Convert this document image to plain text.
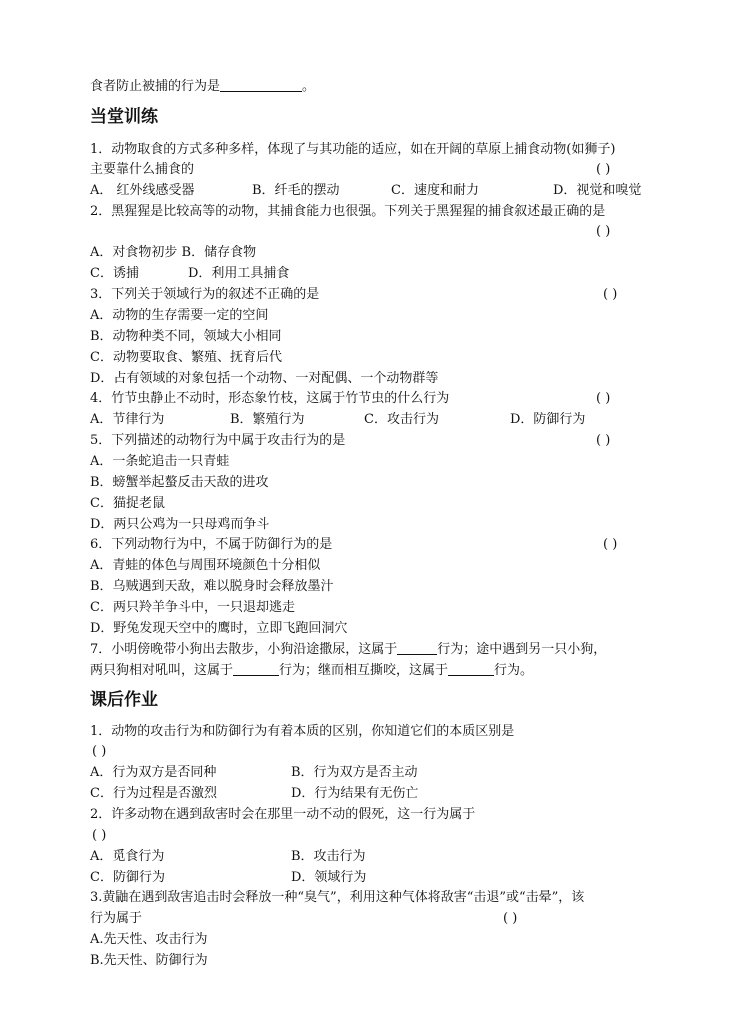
食者防止被捕的行为是	。
当堂训练
1．动物取食的方式多种多样，体现了与其功能的适应，如在开阔的草原上捕食动物(如狮子)
主要靠什么捕食的	( )
A． 红外线感受器	B．纤毛的摆动	C．速度和耐力	D．视觉和嗅觉
2．黑猩猩是比较高等的动物，其捕食能力也很强。下列关于黑猩猩的捕食叙述最正确的是
( )
A．对食物初步 B．储存食物
C．诱捕	D．利用工具捕食
3．下列关于领域行为的叙述不正确的是	( )
A．动物的生存需要一定的空间
B．动物种类不同，领域大小相同
C．动物要取食、繁殖、抚育后代
D．占有领域的对象包括一个动物、一对配偶、一个动物群等
4．竹节虫静止不动时，形态象竹枝，这属于竹节虫的什么行为	( )
A．节律行为	B．繁殖行为	C．攻击行为	D．防御行为
5．下列描述的动物行为中属于攻击行为的是	( )
A．一条蛇追击一只青蛙
B．螃蟹举起螯反击天敌的进攻
C．猫捉老鼠
D．两只公鸡为一只母鸡而争斗
6．下列动物行为中，不属于防御行为的是	( )
A．青蛙的体色与周围环境颜色十分相似
B．乌贼遇到天敌，难以脱身时会释放墨汁
C．两只羚羊争斗中，一只退却逃走
D．野兔发现天空中的鹰时，立即飞跑回洞穴
7．小明傍晚带小狗出去散步，小狗沿途撒尿，这属于	行为；途中遇到另一只小狗，
两只狗相对吼叫，这属于	行为；继而相互撕咬，这属于	行为。
课后作业
1．动物的攻击行为和防御行为有着本质的区别，你知道它们的本质区别是
( )
A．行为双方是否同种	B．行为双方是否主动
C．行为过程是否激烈	D．行为结果有无伤亡
2．许多动物在遇到敌害时会在那里一动不动的假死，这一行为属于
( )
A．觅食行为	B．攻击行为
C．防御行为	D．领域行为
3.黄鼬在遇到敌害追击时会释放一种“臭气”，利用这种气体将敌害“击退”或“击晕”，该
行为属于	( )
A.先天性、攻击行为
B.先天性、防御行为
